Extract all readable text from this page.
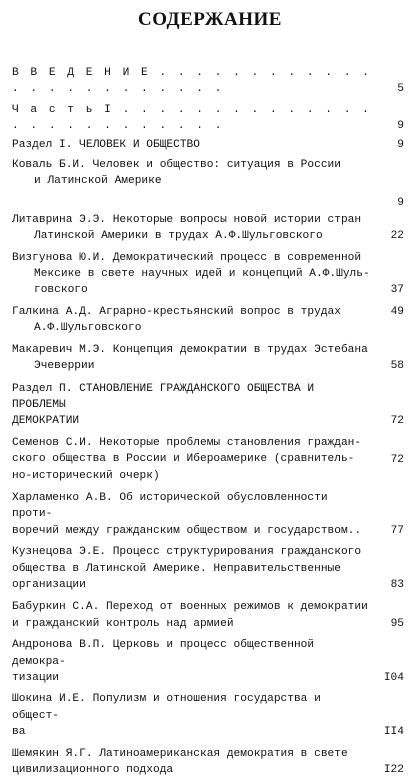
СОДЕРЖАНИЕ
В В Е Д Е Н И Е . . . . . . . . . . . . . . . . . . . . . . . .	5
Ч а с т ь I . . . . . . . . . . . . . . . . . . . . . . . . . .	9
Раздел I. ЧЕЛОВЕК И ОБЩЕСТВО	9
Коваль Б.И. Человек и общество: ситуация в России
и Латинской Америке
9
Литаврина Э.Э. Некоторые вопросы новой истории стран
Латинской Америки в трудах А.Ф.Шульговского	22
Визгунова Ю.И. Демократический процесс в современной
Мексике в свете научных идей и концепций А.Ф.Шуль-
говского	37
Галкина А.Д. Аграрно-крестьянский вопрос в трудах
А.Ф.Шульговского
49
Макаревич М.Э. Концепция демократии в трудах Эстебана
Эчеверрии	58
Раздел П. СТАНОВЛЕНИЕ ГРАЖДАНСКОГО ОБЩЕСТВА И ПРОБЛЕМЫ
ДЕМОКРАТИИ	72
Семенов С.И. Некоторые проблемы становления граждан-
ского общества в России и Иберoамерике (сравнитель-
но-исторический очерк)
72
Харламенко А.В. Об исторической обусловленности проти-
воречий между гражданским обществом и государством..	77
Кузнецова Э.Е. Процесс структурирования гражданского
общества в Латинской Америке. Неправительственные
организации	83
Бабуркин С.А. Переход от военных режимов к демократии
и гражданский контроль над армией	95
Андронова В.П. Церковь и процесс общественной демокра-
тизации	I04
Шокина И.Е. Популизм и отношения государства и общест-
ва	II4
Шемякин Я.Г. Латиноамериканская демократия в свете
цивилизационного подхода	I22
